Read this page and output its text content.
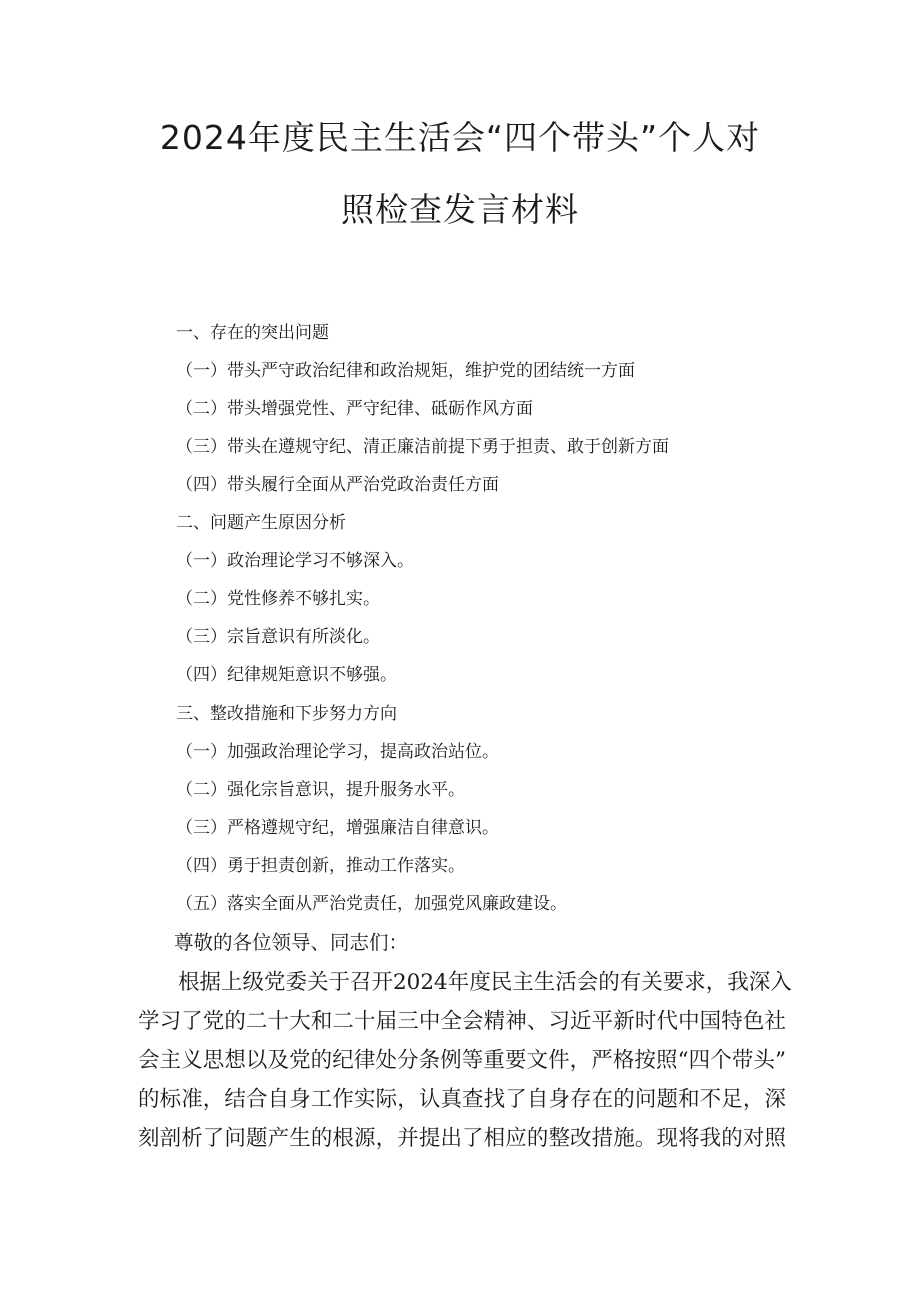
2024年度民主生活会“四个带头”个人对
照检查发言材料
一、存在的突出问题
（一）带头严守政治纪律和政治规矩，维护党的团结统一方面
（二）带头增强党性、严守纪律、砥砺作风方面
（三）带头在遵规守纪、清正廉洁前提下勇于担责、敢于创新方面
（四）带头履行全面从严治党政治责任方面
二、问题产生原因分析
（一）政治理论学习不够深入。
（二）党性修养不够扎实。
（三）宗旨意识有所淡化。
（四）纪律规矩意识不够强。
三、整改措施和下步努力方向
（一）加强政治理论学习，提高政治站位。
（二）强化宗旨意识，提升服务水平。
（三）严格遵规守纪，增强廉洁自律意识。
（四）勇于担责创新，推动工作落实。
（五）落实全面从严治党责任，加强党风廉政建设。
尊敬的各位领导、同志们：
根据上级党委关于召开2024年度民主生活会的有关要求，我深入
学习了党的二十大和二十届三中全会精神、习近平新时代中国特色社
会主义思想以及党的纪律处分条例等重要文件，严格按照“四个带头”
的标准，结合自身工作实际，认真查找了自身存在的问题和不足，深
刻剖析了问题产生的根源，并提出了相应的整改措施。现将我的对照
